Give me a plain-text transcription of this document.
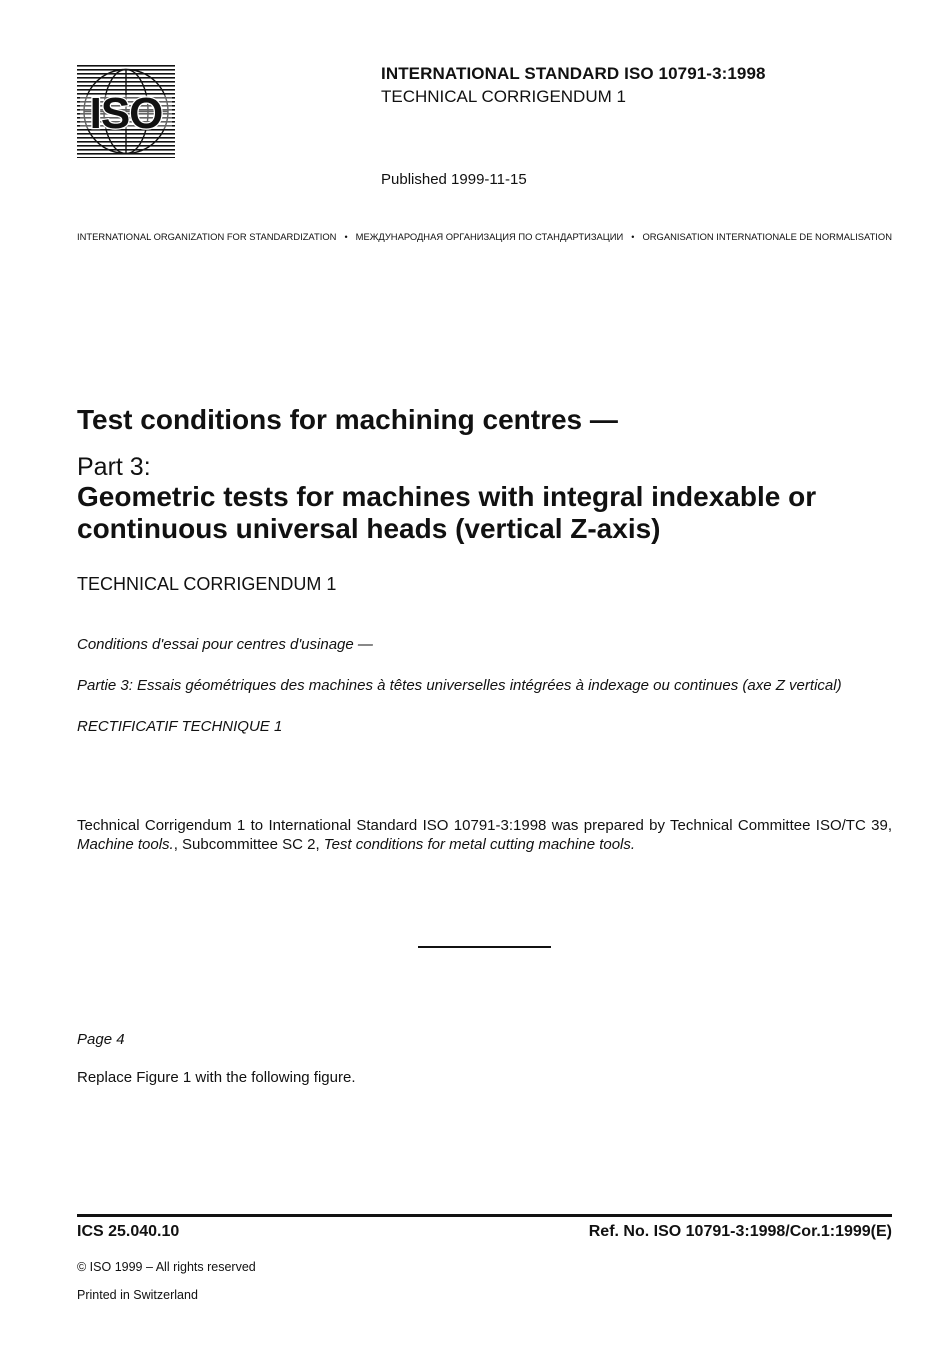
ISO
INTERNATIONAL STANDARD ISO 10791-3:1998
TECHNICAL CORRIGENDUM 1
Published 1999-11-15
INTERNATIONAL ORGANIZATION FOR STANDARDIZATION • МЕЖДУНАРОДНАЯ ОРГАНИЗАЦИЯ ПО СТАНДАРТИЗАЦИИ • ORGANISATION INTERNATIONALE DE NORMALISATION
Test conditions for machining centres —
Part 3:
Geometric tests for machines with integral indexable or continuous universal heads (vertical Z-axis)
TECHNICAL CORRIGENDUM 1
Conditions d'essai pour centres d'usinage —
Partie 3: Essais géométriques des machines à têtes universelles intégrées à indexage ou continues (axe Z vertical)
RECTIFICATIF TECHNIQUE 1
Technical Corrigendum 1 to International Standard ISO 10791-3:1998 was prepared by Technical Committee ISO/TC 39, Machine tools., Subcommittee SC 2, Test conditions for metal cutting machine tools.
Page 4
Replace Figure 1 with the following figure.
ICS 25.040.10	Ref. No. ISO 10791-3:1998/Cor.1:1999(E)
© ISO 1999 – All rights reserved
Printed in Switzerland
